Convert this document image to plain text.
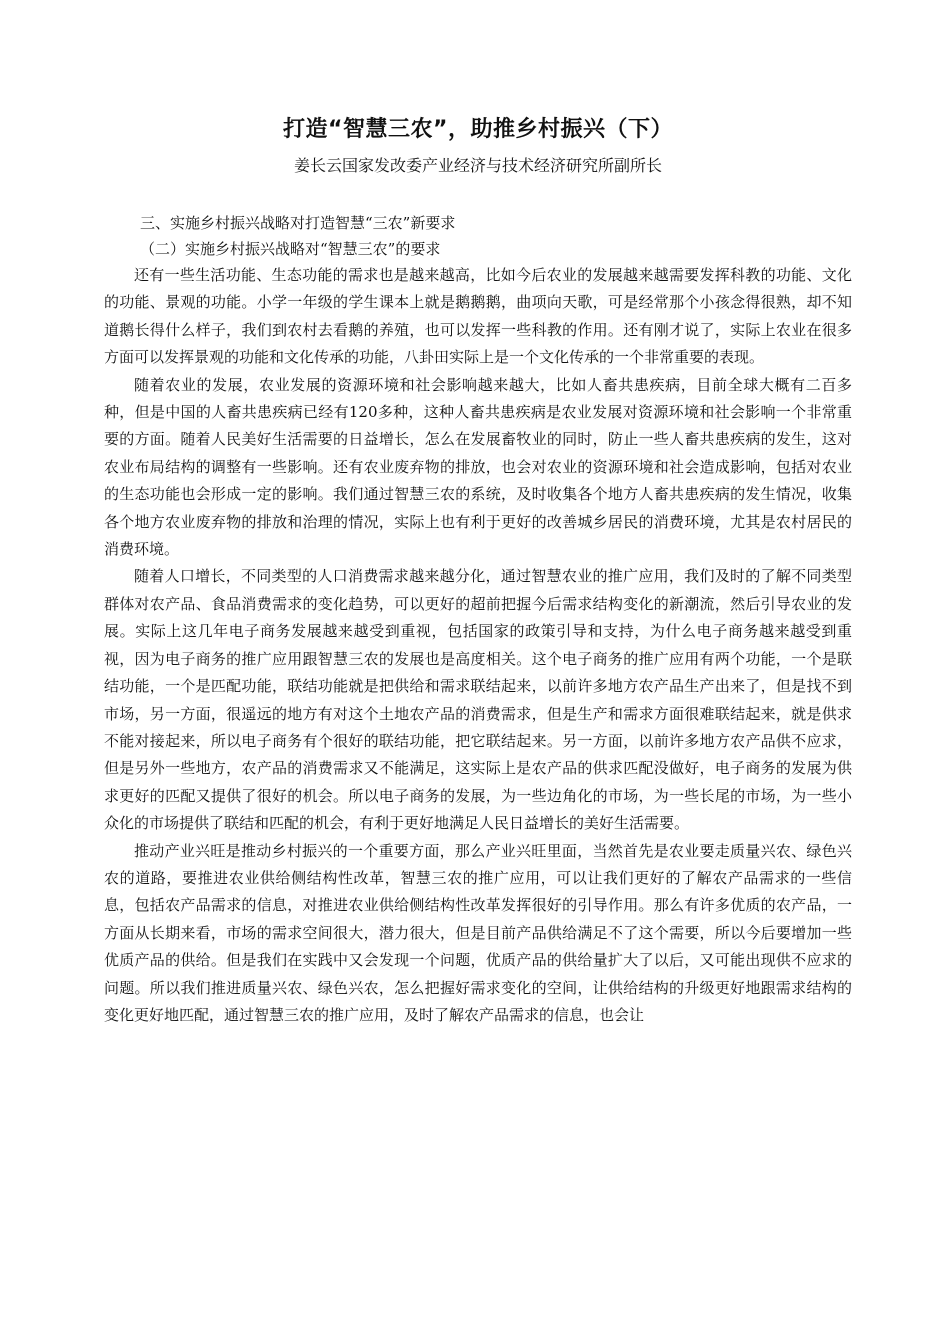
打造“智慧三农”，助推乡村振兴（下）
姜长云国家发改委产业经济与技术经济研究所副所长
三、实施乡村振兴战略对打造智慧“三农”新要求
（二）实施乡村振兴战略对“智慧三农”的要求

还有一些生活功能、生态功能的需求也是越来越高，比如今后农业的发展越来越需要发挥科教的功能、文化的功能、景观的功能。小学一年级的学生课本上就是鹅鹅鹅，曲项向天歌，可是经常那个小孩念得很熟，却不知道鹅长得什么样子，我们到农村去看鹅的养殖，也可以发挥一些科教的作用。还有刚才说了，实际上农业在很多方面可以发挥景观的功能和文化传承的功能，八卦田实际上是一个文化传承的一个非常重要的表现。

随着农业的发展，农业发展的资源环境和社会影响越来越大，比如人畜共患疾病，目前全球大概有二百多种，但是中国的人畜共患疾病已经有120多种，这种人畜共患疾病是农业发展对资源环境和社会影响一个非常重要的方面。随着人民美好生活需要的日益增长，怎么在发展畜牧业的同时，防止一些人畜共患疾病的发生，这对农业布局结构的调整有一些影响。还有农业废弃物的排放，也会对农业的资源环境和社会造成影响，包括对农业的生态功能也会形成一定的影响。我们通过智慧三农的系统，及时收集各个地方人畜共患疾病的发生情况，收集各个地方农业废弃物的排放和治理的情况，实际上也有利于更好的改善城乡居民的消费环境，尤其是农村居民的消费环境。

随着人口增长，不同类型的人口消费需求越来越分化，通过智慧农业的推广应用，我们及时的了解不同类型群体对农产品、食品消费需求的变化趋势，可以更好的超前把握今后需求结构变化的新潮流，然后引导农业的发展。实际上这几年电子商务发展越来越受到重视，包括国家的政策引导和支持，为什么电子商务越来越受到重视，因为电子商务的推广应用跟智慧三农的发展也是高度相关。这个电子商务的推广应用有两个功能，一个是联结功能，一个是匹配功能，联结功能就是把供给和需求联结起来，以前许多地方农产品生产出来了，但是找不到市场，另一方面，很遥远的地方有对这个土地农产品的消费需求，但是生产和需求方面很难联结起来，就是供求不能对接起来，所以电子商务有个很好的联结功能，把它联结起来。另一方面，以前许多地方农产品供不应求，但是另外一些地方，农产品的消费需求又不能满足，这实际上是农产品的供求匹配没做好，电子商务的发展为供求更好的匹配又提供了很好的机会。所以电子商务的发展，为一些边角化的市场，为一些长尾的市场，为一些小众化的市场提供了联结和匹配的机会，有利于更好地满足人民日益增长的美好生活需要。

推动产业兴旺是推动乡村振兴的一个重要方面，那么产业兴旺里面，当然首先是农业要走质量兴农、绿色兴农的道路，要推进农业供给侧结构性改革，智慧三农的推广应用，可以让我们更好的了解农产品需求的一些信息，包括农产品需求的信息，对推进农业供给侧结构性改革发挥很好的引导作用。那么有许多优质的农产品，一方面从长期来看，市场的需求空间很大，潜力很大，但是目前产品供给满足不了这个需要，所以今后要增加一些优质产品的供给。但是我们在实践中又会发现一个问题，优质产品的供给量扩大了以后，又可能出现供不应求的问题。所以我们推进质量兴农、绿色兴农，怎么把握好需求变化的空间，让供给结构的升级更好地跟需求结构的变化更好地匹配，通过智慧三农的推广应用，及时了解农产品需求的信息，也会让
